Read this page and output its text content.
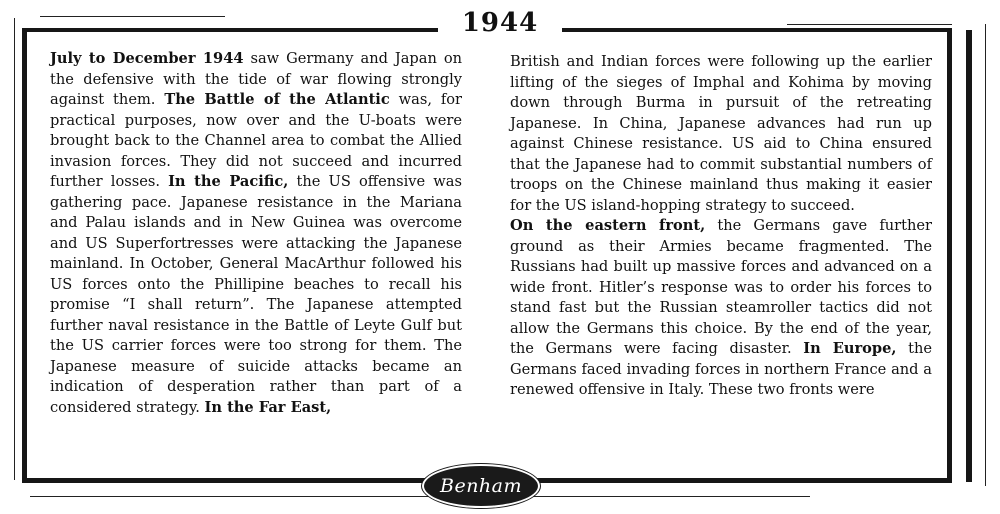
1944

July to December 1944 saw Germany and Japan on the defensive with the tide of war flowing strongly against them. The Battle of the Atlantic was, for practical purposes, now over and the U-boats were brought back to the Channel area to combat the Allied invasion forces. They did not succeed and incurred further losses. In the Pacific, the US offensive was gathering pace. Japanese resistance in the Mariana and Palau islands and in New Guinea was overcome and US Superfortresses were attacking the Japanese mainland. In October, General MacArthur followed his US forces onto the Phillipine beaches to recall his promise “I shall return”. The Japanese attempted further naval resistance in the Battle of Leyte Gulf but the US carrier forces were too strong for them. The Japanese measure of suicide attacks became an indication of desperation rather than part of a considered strategy. In the Far East,

British and Indian forces were following up the earlier lifting of the sieges of Imphal and Kohima by moving down through Burma in pursuit of the retreating Japanese. In China, Japanese advances had run up against Chinese resistance. US aid to China ensured that the Japanese had to commit substantial numbers of troops on the Chinese mainland thus making it easier for the US island-hopping strategy to succeed.

On the eastern front, the Germans gave further ground as their Armies became fragmented. The Russians had built up massive forces and advanced on a wide front. Hitler’s response was to order his forces to stand fast but the Russian steamroller tactics did not allow the Germans this choice. By the end of the year, the Germans were facing disaster. In Europe, the Germans faced invading forces in northern France and a renewed offensive in Italy. These two fronts were

Benham
